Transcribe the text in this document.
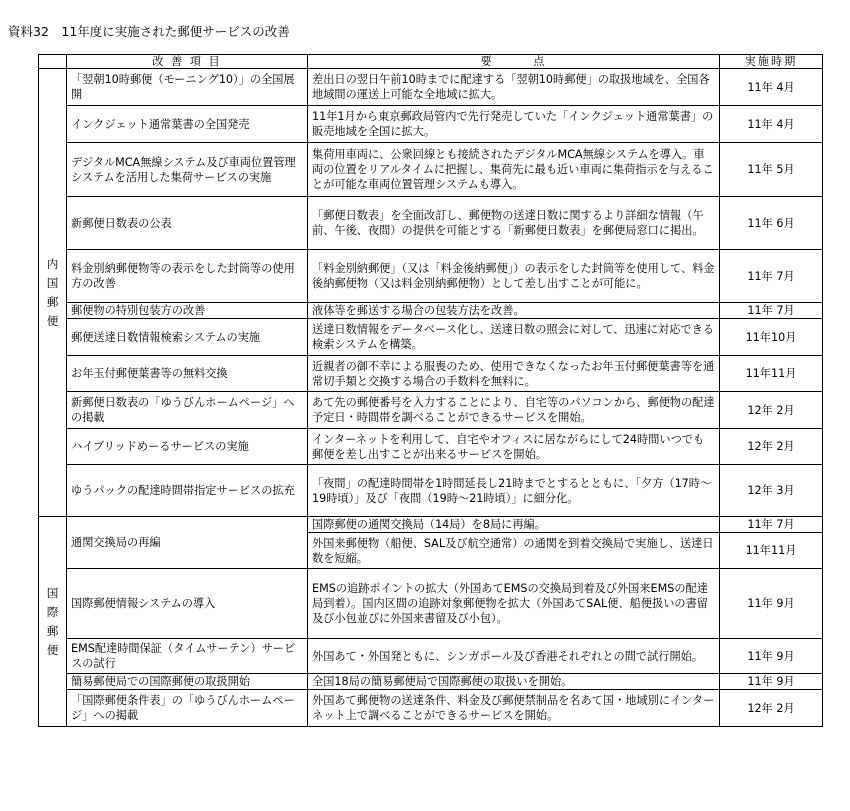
資料32　11年度に実施された郵便サービスの改善
	改 善 項 目	要　　　点	実施時期

内
国
郵
便	「翌朝10時郵便（モーニング10）」の全国展開	差出日の翌日午前10時までに配達する「翌朝10時郵便」の取扱地域を、全国各地域間の運送上可能な全地域に拡大。	11年 4月
	インクジェット通常葉書の全国発売	11年1月から東京郵政局管内で先行発売していた「インクジェット通常葉書」の販売地域を全国に拡大。	11年 4月
	デジタルMCA無線システム及び車両位置管理システムを活用した集荷サービスの実施	集荷用車両に、公衆回線とも接続されたデジタルMCA無線システムを導入。車両の位置をリアルタイムに把握し、集荷先に最も近い車両に集荷指示を与えることが可能な車両位置管理システムも導入。	11年 5月
	新郵便日数表の公表	「郵便日数表」を全面改訂し、郵便物の送達日数に関するより詳細な情報（午前、午後、夜間）の提供を可能とする「新郵便日数表」を郵便局窓口に掲出。	11年 6月
	料金別納郵便物等の表示をした封筒等の使用方の改善	「料金別納郵便」（又は「料金後納郵便」）の表示をした封筒等を使用して、料金後納郵便物（又は料金別納郵便物）として差し出すことが可能に。	11年 7月
	郵便物の特別包装方の改善	液体等を郵送する場合の包装方法を改善。	11年 7月
	郵便送達日数情報検索システムの実施	送達日数情報をデータベース化し、送達日数の照会に対して、迅速に対応できる検索システムを構築。	11年10月
	お年玉付郵便葉書等の無料交換	近親者の御不幸による服喪のため、使用できなくなったお年玉付郵便葉書等を通常切手類と交換する場合の手数料を無料に。	11年11月
	新郵便日数表の「ゆうびんホームページ」への掲載	あて先の郵便番号を入力することにより、自宅等のパソコンから、郵便物の配達予定日・時間帯を調べることができるサービスを開始。	12年 2月
	ハイブリッドめーるサービスの実施	インターネットを利用して、自宅やオフィスに居ながらにして24時間いつでも郵便を差し出すことが出来るサービスを開始。	12年 2月
	ゆうパックの配達時間帯指定サービスの拡充	「夜間」の配達時間帯を1時間延長し21時までとするとともに、「夕方（17時～19時頃）」及び「夜間（19時～21時頃）」に細分化。	12年 3月

国
際
郵
便	通関交換局の再編	国際郵便の通関交換局（14局）を8局に再編。	11年 7月
		外国来郵便物（船便、SAL及び航空通常）の通関を到着交換局で実施し、送達日数を短縮。	11年11月
	国際郵便情報システムの導入	EMSの追跡ポイントの拡大（外国あてEMSの交換局到着及び外国来EMSの配達局到着）。国内区間の追跡対象郵便物を拡大（外国あてSAL便、船便扱いの書留及び小包並びに外国来書留及び小包）。	11年 9月
	EMS配達時間保証（タイムサーテン）サービスの試行	外国あて・外国発ともに、シンガポール及び香港それぞれとの間で試行開始。	11年 9月
	簡易郵便局での国際郵便の取扱開始	全国18局の簡易郵便局で国際郵便の取扱いを開始。	11年 9月
	「国際郵便条件表」の「ゆうびんホームページ」への掲載	外国あて郵便物の送達条件、料金及び郵便禁制品を名あて国・地域別にインターネット上で調べることができるサービスを開始。	12年 2月
